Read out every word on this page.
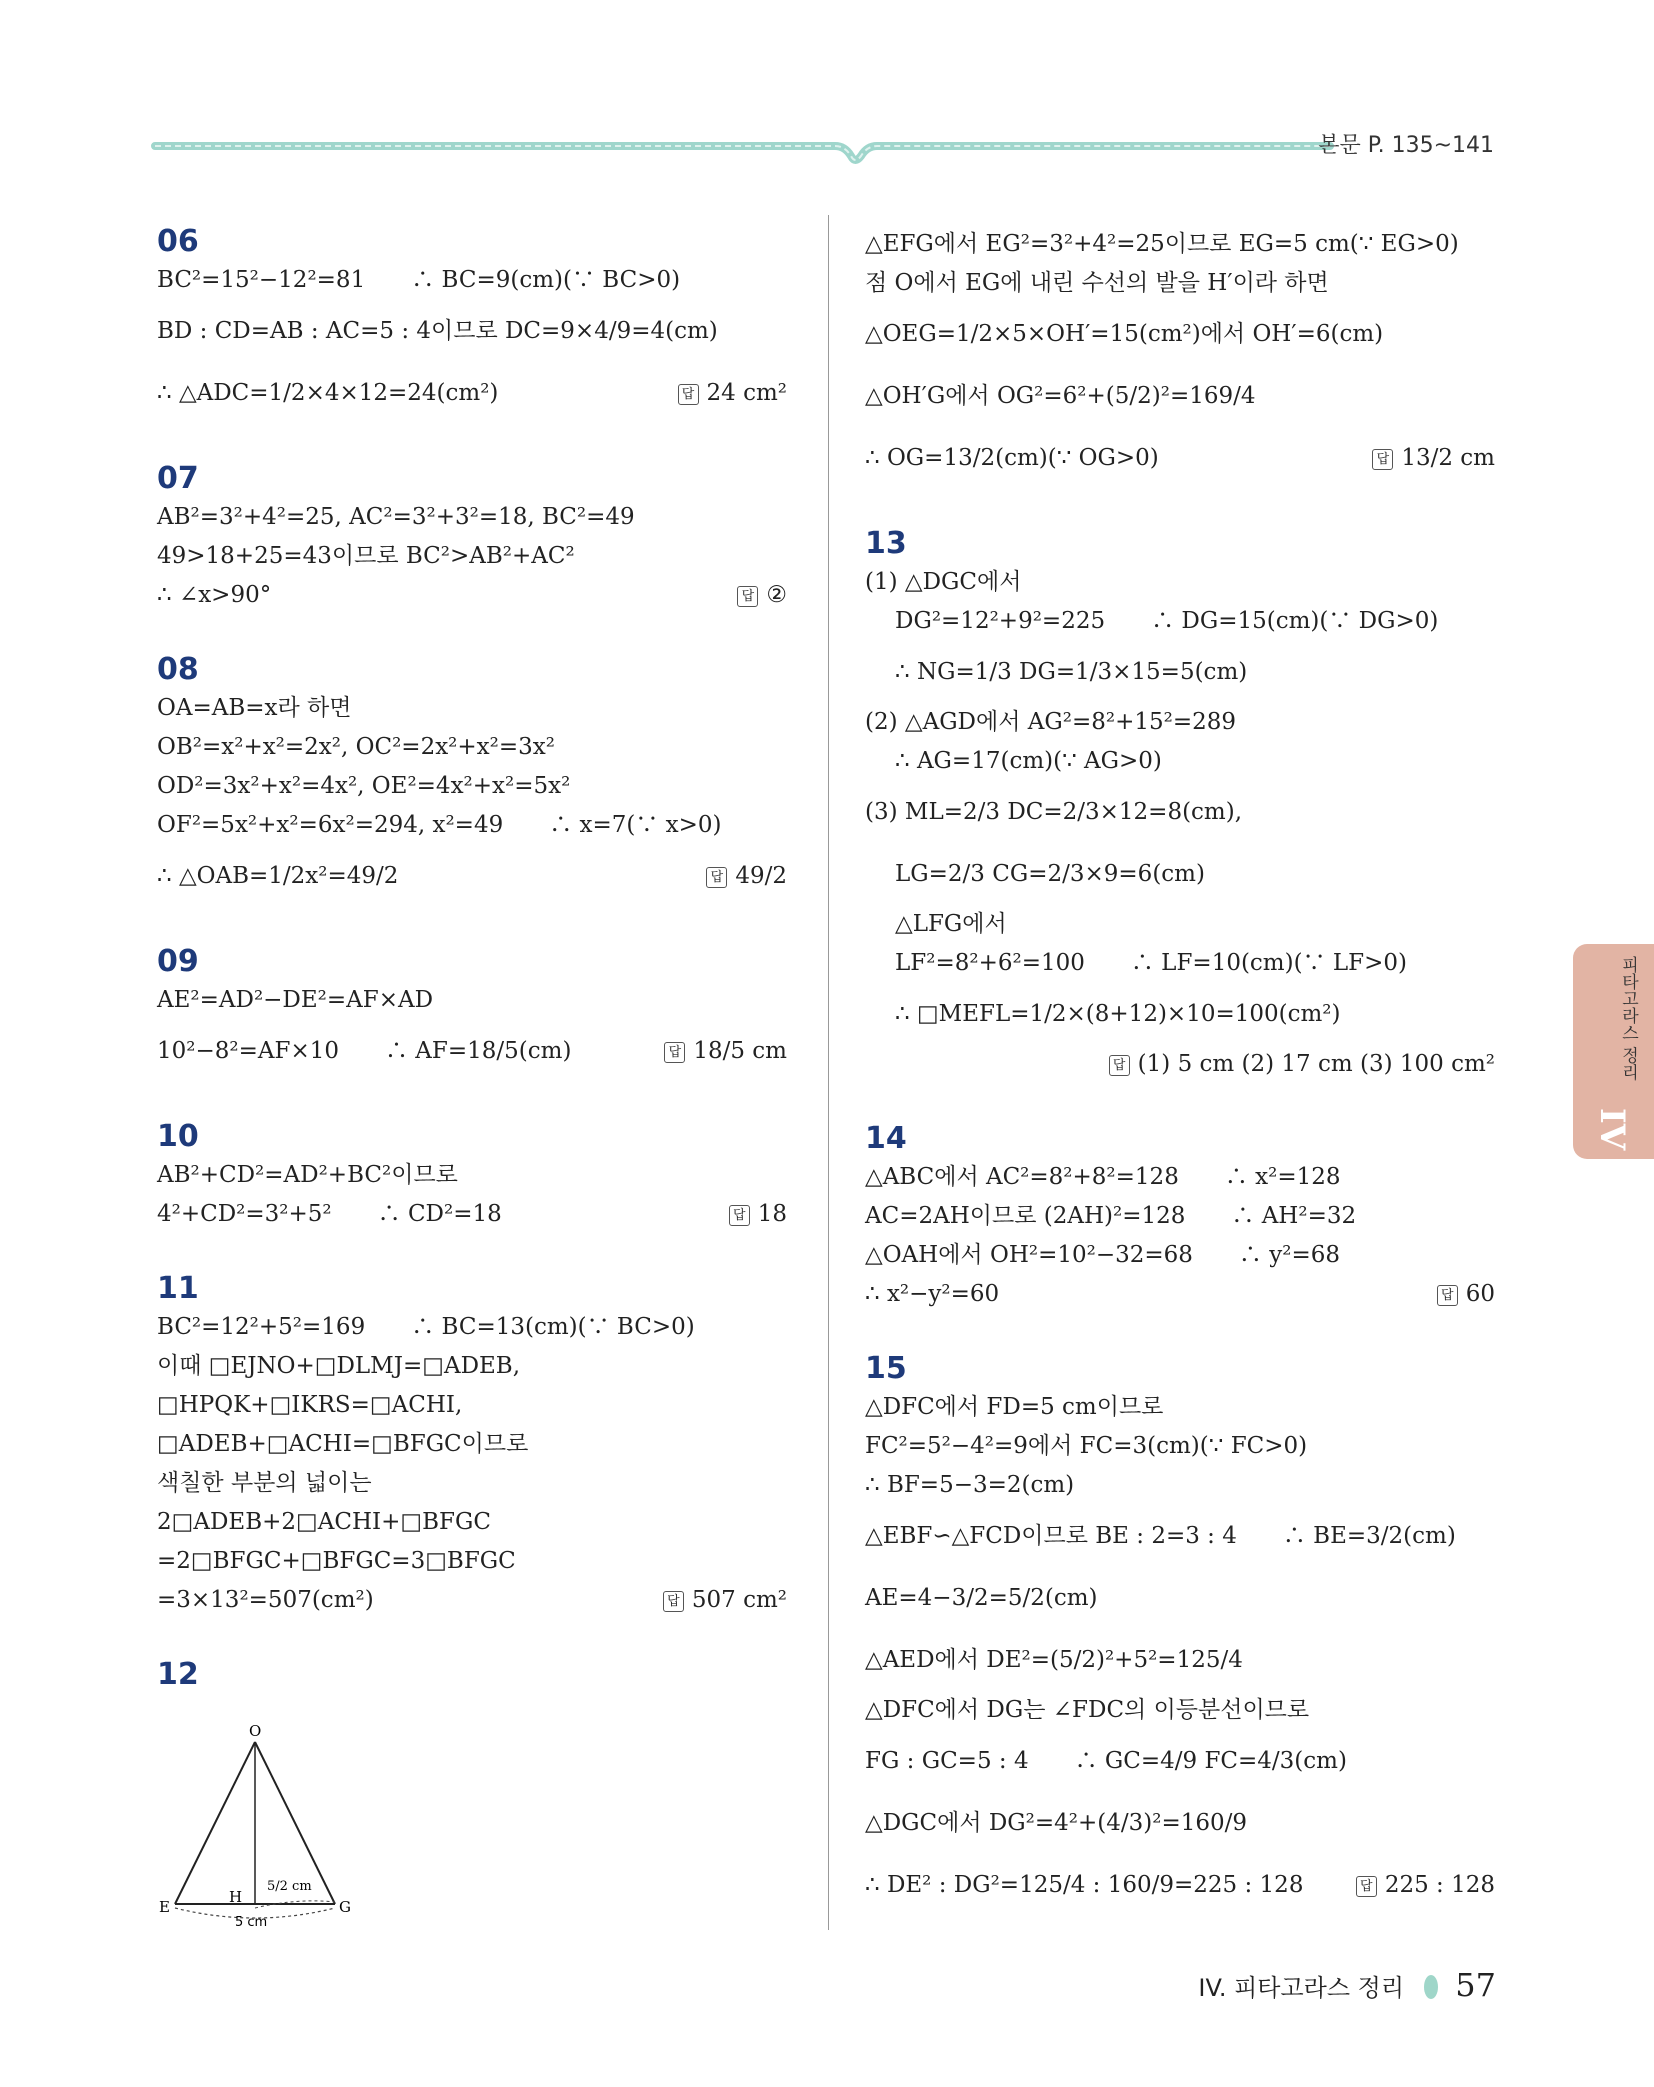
본문 P. 135~141
06
BC²=15²−12²=81　　∴ BC=9(cm)(∵ BC>0)
BD : CD=AB : AC=5 : 4이므로 DC=9×4/9=4(cm)
∴ △ADC=1/2×4×12=24(cm²)	답 24 cm²
07
AB²=3²+4²=25, AC²=3²+3²=18, BC²=49
49>18+25=43이므로 BC²>AB²+AC²
∴ ∠x>90°	답 ②
08
OA=AB=x라 하면
OB²=x²+x²=2x², OC²=2x²+x²=3x²
OD²=3x²+x²=4x², OE²=4x²+x²=5x²
OF²=5x²+x²=6x²=294, x²=49　　∴ x=7(∵ x>0)
∴ △OAB=1/2x²=49/2	답 49/2
09
AE²=AD²−DE²=AF×AD
10²−8²=AF×10　　∴ AF=18/5(cm)	답 18/5 cm
10
AB²+CD²=AD²+BC²이므로
4²+CD²=3²+5²　　∴ CD²=18	답 18
11
BC²=12²+5²=169　　∴ BC=13(cm)(∵ BC>0)
이때 □EJNO+□DLMJ=□ADEB,
□HPQK+□IKRS=□ACHI,
□ADEB+□ACHI=□BFGC이므로
색칠한 부분의 넓이는
2□ADEB+2□ACHI+□BFGC
=2□BFGC+□BFGC=3□BFGC
=3×13²=507(cm²)	답 507 cm²
12
O
E	G
H
5/2 cm
5 cm
△EFG에서 EG²=3²+4²=25이므로 EG=5 cm(∵ EG>0)
점 O에서 EG에 내린 수선의 발을 H′이라 하면
△OEG=1/2×5×OH′=15(cm²)에서 OH′=6(cm)
△OH′G에서 OG²=6²+(5/2)²=169/4
∴ OG=13/2(cm)(∵ OG>0)	답 13/2 cm
13
(1) △DGC에서
DG²=12²+9²=225　　∴ DG=15(cm)(∵ DG>0)
∴ NG=1/3 DG=1/3×15=5(cm)
(2) △AGD에서 AG²=8²+15²=289
∴ AG=17(cm)(∵ AG>0)
(3) ML=2/3 DC=2/3×12=8(cm),
LG=2/3 CG=2/3×9=6(cm)
△LFG에서
LF²=8²+6²=100　　∴ LF=10(cm)(∵ LF>0)
∴ □MEFL=1/2×(8+12)×10=100(cm²)
답 (1) 5 cm (2) 17 cm (3) 100 cm²
14
△ABC에서 AC²=8²+8²=128　　∴ x²=128
AC=2AH이므로 (2AH)²=128　　∴ AH²=32
△OAH에서 OH²=10²−32=68　　∴ y²=68
∴ x²−y²=60	답 60
15
△DFC에서 FD=5 cm이므로
FC²=5²−4²=9에서 FC=3(cm)(∵ FC>0)
∴ BF=5−3=2(cm)
△EBF∽△FCD이므로 BE : 2=3 : 4　　∴ BE=3/2(cm)
AE=4−3/2=5/2(cm)
△AED에서 DE²=(5/2)²+5²=125/4
△DFC에서 DG는 ∠FDC의 이등분선이므로
FG : GC=5 : 4　　∴ GC=4/9 FC=4/3(cm)
△DGC에서 DG²=4²+(4/3)²=160/9
∴ DE² : DG²=125/4 : 160/9=225 : 128	답 225 : 128
피타고라스 정리
IV
IV. 피타고라스 정리 57
